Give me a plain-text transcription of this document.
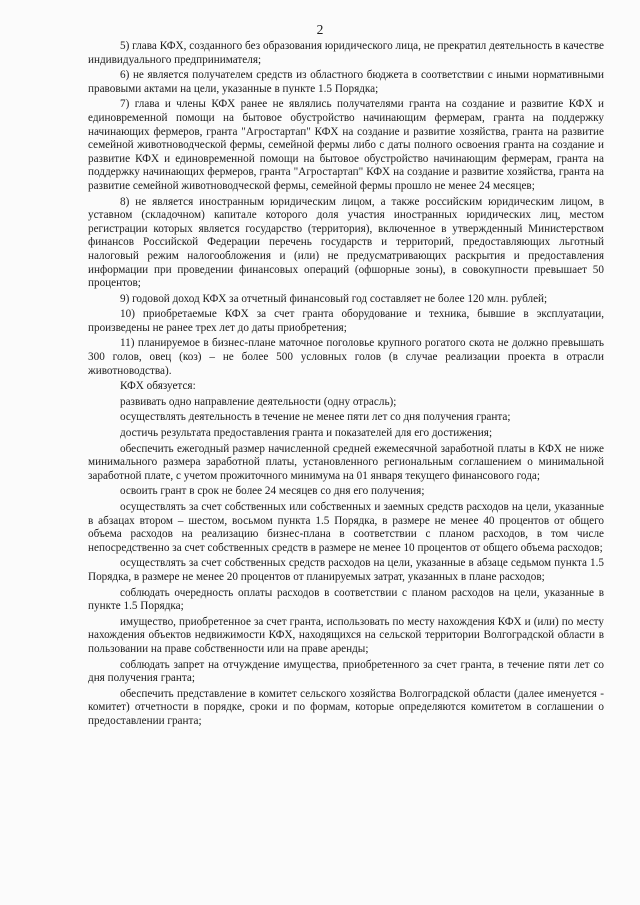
2

5) глава КФХ, созданного без образования юридического лица, не прекратил деятельность в качестве индивидуального предпринимателя;

6) не является получателем средств из областного бюджета в соответствии с иными нормативными правовыми актами на цели, указанные в пункте 1.5 Порядка;

7) глава и члены КФХ ранее не являлись получателями гранта на создание и развитие КФХ и единовременной помощи на бытовое обустройство начинающим фермерам, гранта на поддержку начинающих фермеров, гранта "Агростартап" КФХ на создание и развитие хозяйства, гранта на развитие семейной животноводческой фермы, семейной фермы либо с даты полного освоения гранта на создание и развитие КФХ и единовременной помощи на бытовое обустройство начинающим фермерам, гранта на поддержку начинающих фермеров, гранта "Агростартап" КФХ на создание и развитие хозяйства, гранта на развитие семейной животноводческой фермы, семейной фермы прошло не менее 24 месяцев;

8) не является иностранным юридическим лицом, а также российским юридическим лицом, в уставном (складочном) капитале которого доля участия иностранных юридических лиц, местом регистрации которых является государство (территория), включенное в утвержденный Министерством финансов Российской Федерации перечень государств и территорий, предоставляющих льготный налоговый режим налогообложения и (или) не предусматривающих раскрытия и предоставления информации при проведении финансовых операций (офшорные зоны), в совокупности превышает 50 процентов;

9) годовой доход КФХ за отчетный финансовый год составляет не более 120 млн. рублей;

10) приобретаемые КФХ за счет гранта оборудование и техника, бывшие в эксплуатации, произведены не ранее трех лет до даты приобретения;

11) планируемое в бизнес-плане маточное поголовье крупного рогатого скота не должно превышать 300 голов, овец (коз) – не более 500 условных голов (в случае реализации проекта в отрасли животноводства).

КФХ обязуется:

развивать одно направление деятельности (одну отрасль);

осуществлять деятельность в течение не менее пяти лет со дня получения гранта;

достичь результата предоставления гранта и показателей для его достижения;

обеспечить ежегодный размер начисленной средней ежемесячной заработной платы в КФХ не ниже минимального размера заработной платы, установленного региональным соглашением о минимальной заработной плате, с учетом прожиточного минимума на 01 января текущего финансового года;

освоить грант в срок не более 24 месяцев со дня его получения;

осуществлять за счет собственных или собственных и заемных средств расходов на цели, указанные в абзацах втором – шестом, восьмом пункта 1.5 Порядка, в размере не менее 40 процентов от общего объема расходов на реализацию бизнес-плана в соответствии с планом расходов, в том числе непосредственно за счет собственных средств в размере не менее 10 процентов от общего объема расходов;

осуществлять за счет собственных средств расходов на цели, указанные в абзаце седьмом пункта 1.5 Порядка, в размере не менее 20 процентов от планируемых затрат, указанных в плане расходов;

соблюдать очередность оплаты расходов в соответствии с планом расходов на цели, указанные в пункте 1.5 Порядка;

имущество, приобретенное за счет гранта, использовать по месту нахождения КФХ и (или) по месту нахождения объектов недвижимости КФХ, находящихся на сельской территории Волгоградской области в пользовании на праве собственности или на праве аренды;

соблюдать запрет на отчуждение имущества, приобретенного за счет гранта, в течение пяти лет со дня получения гранта;

обеспечить представление в комитет сельского хозяйства Волгоградской области (далее именуется - комитет) отчетности в порядке, сроки и по формам, которые определяются комитетом в соглашении о предоставлении гранта;
